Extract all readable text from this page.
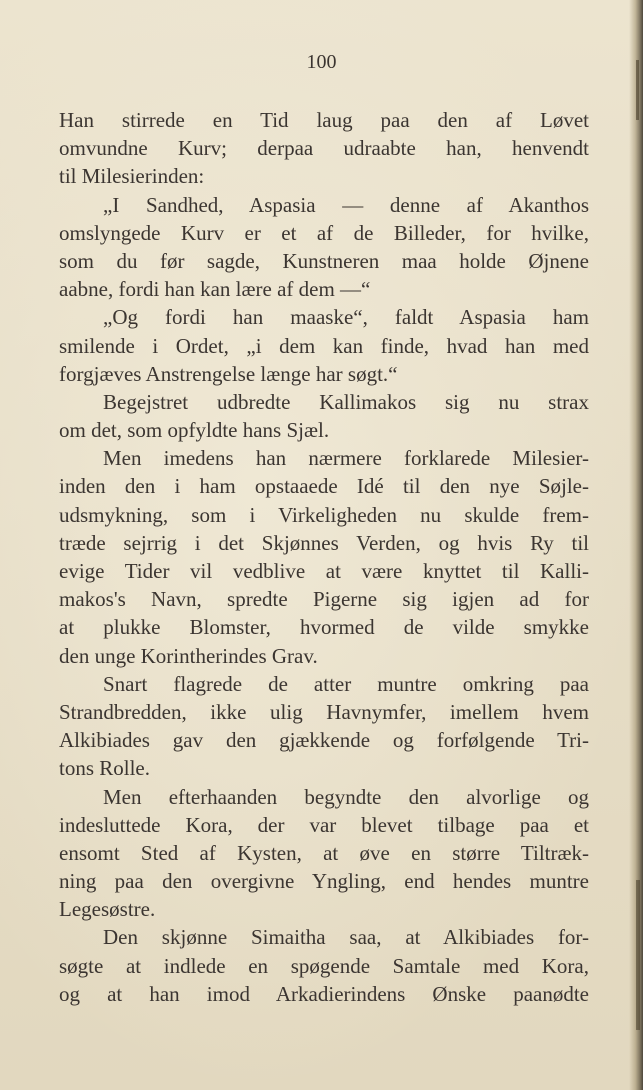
100
Han stirrede en Tid laug paa den af Løvet
omvundne Kurv; derpaa udraabte han, henvendt
til Milesierinden:
„I Sandhed, Aspasia — denne af Akanthos
omslyngede Kurv er et af de Billeder, for hvilke,
som du før sagde, Kunstneren maa holde Øjnene
aabne, fordi han kan lære af dem —“
„Og fordi han maaske“, faldt Aspasia ham
smilende i Ordet, „i dem kan finde, hvad han med
forgjæves Anstrengelse længe har søgt.“
Begejstret udbredte Kallimakos sig nu strax
om det, som opfyldte hans Sjæl.
Men imedens han nærmere forklarede Milesier-
inden den i ham opstaaede Idé til den nye Søjle-
udsmykning, som i Virkeligheden nu skulde frem-
træde sejrrig i det Skjønnes Verden, og hvis Ry til
evige Tider vil vedblive at være knyttet til Kalli-
makos's Navn, spredte Pigerne sig igjen ad for
at plukke Blomster, hvormed de vilde smykke
den unge Korintherindes Grav.
Snart flagrede de atter muntre omkring paa
Strandbredden, ikke ulig Havnymfer, imellem hvem
Alkibiades gav den gjækkende og forfølgende Tri-
tons Rolle.
Men efterhaanden begyndte den alvorlige og
indesluttede Kora, der var blevet tilbage paa et
ensomt Sted af Kysten, at øve en større Tiltræk-
ning paa den overgivne Yngling, end hendes muntre
Legesøstre.
Den skjønne Simaitha saa, at Alkibiades for-
søgte at indlede en spøgende Samtale med Kora,
og at han imod Arkadierindens Ønske paanødte
